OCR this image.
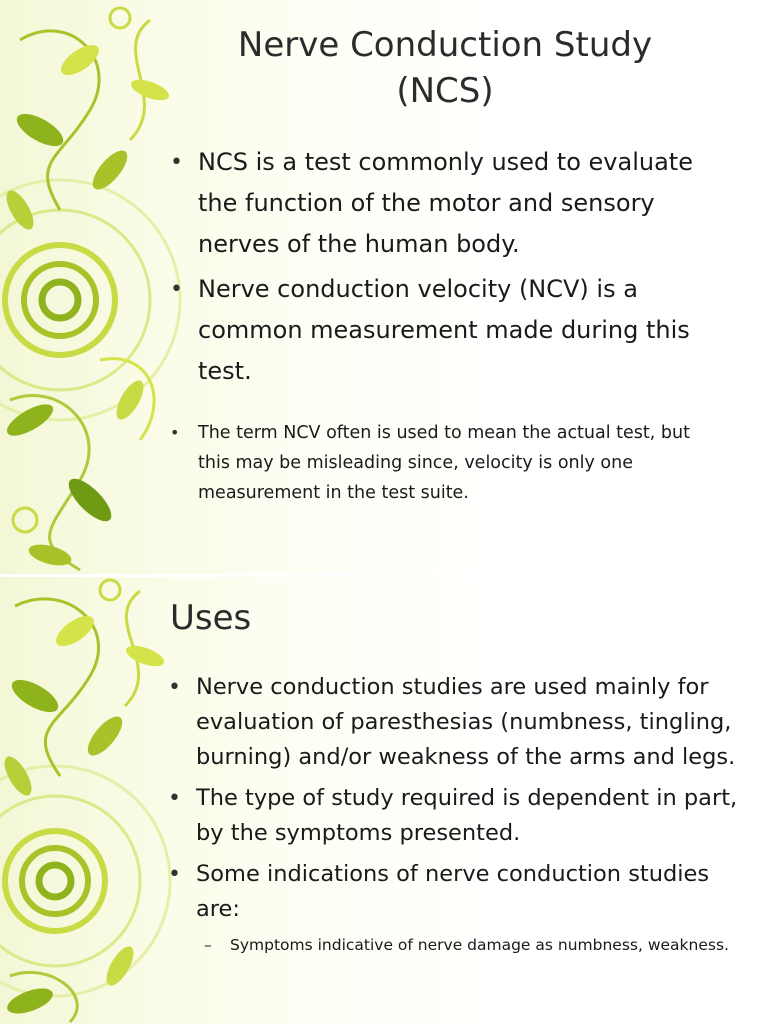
Nerve Conduction Study
(NCS)
• NCS is a test commonly used to evaluate the function of the motor and sensory nerves of the human body.
• Nerve conduction velocity (NCV) is a common measurement made during this test.
• The term NCV often is used to mean the actual test, but this may be misleading since, velocity is only one measurement in the test suite.
Uses
• Nerve conduction studies are used mainly for evaluation of paresthesias (numbness, tingling, burning) and/or weakness of the arms and legs.
• The type of study required is dependent in part, by the symptoms presented.
• Some indications of nerve conduction studies are:
– Symptoms indicative of nerve damage as numbness, weakness.
